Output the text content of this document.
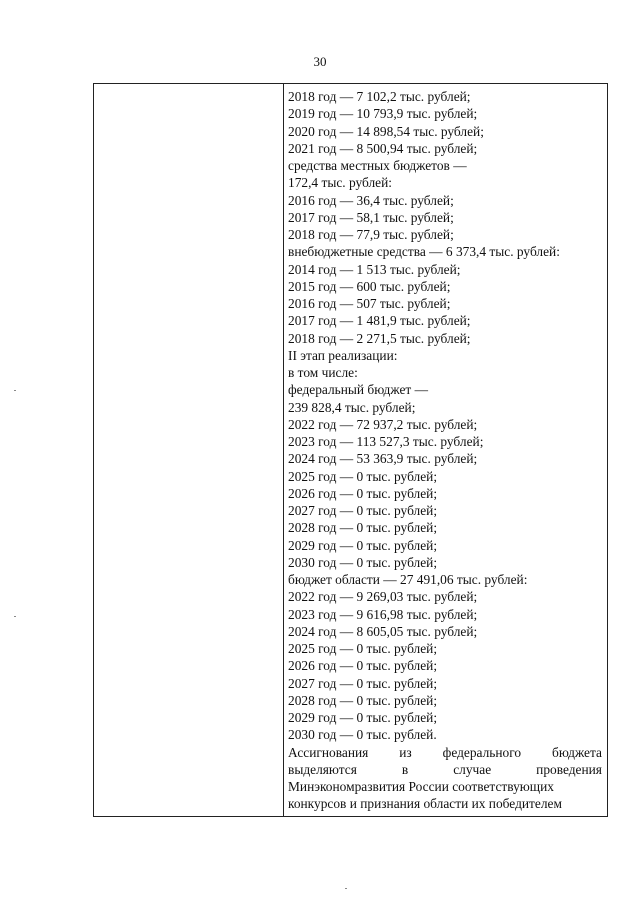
30
2018 год — 7 102,2 тыс. рублей;
2019 год — 10 793,9 тыс. рублей;
2020 год — 14 898,54 тыс. рублей;
2021 год — 8 500,94 тыс. рублей;
средства местных бюджетов —
172,4 тыс. рублей:
2016 год — 36,4 тыс. рублей;
2017 год — 58,1 тыс. рублей;
2018 год — 77,9 тыс. рублей;
внебюджетные средства — 6 373,4 тыс. рублей:
2014 год — 1 513 тыс. рублей;
2015 год — 600 тыс. рублей;
2016 год — 507 тыс. рублей;
2017 год — 1 481,9 тыс. рублей;
2018 год — 2 271,5 тыс. рублей;
II этап реализации:
в том числе:
федеральный бюджет —
239 828,4 тыс. рублей;
2022 год — 72 937,2 тыс. рублей;
2023 год — 113 527,3 тыс. рублей;
2024 год — 53 363,9 тыс. рублей;
2025 год — 0 тыс. рублей;
2026 год — 0 тыс. рублей;
2027 год — 0 тыс. рублей;
2028 год — 0 тыс. рублей;
2029 год — 0 тыс. рублей;
2030 год — 0 тыс. рублей;
бюджет области — 27 491,06 тыс. рублей:
2022 год — 9 269,03 тыс. рублей;
2023 год — 9 616,98 тыс. рублей;
2024 год — 8 605,05 тыс. рублей;
2025 год — 0 тыс. рублей;
2026 год — 0 тыс. рублей;
2027 год — 0 тыс. рублей;
2028 год — 0 тыс. рублей;
2029 год — 0 тыс. рублей;
2030 год — 0 тыс. рублей.
Ассигнования из федерального бюджета
выделяются	в	случае	проведения
Минэкономразвития России соответствующих
конкурсов и признания области их победителем
